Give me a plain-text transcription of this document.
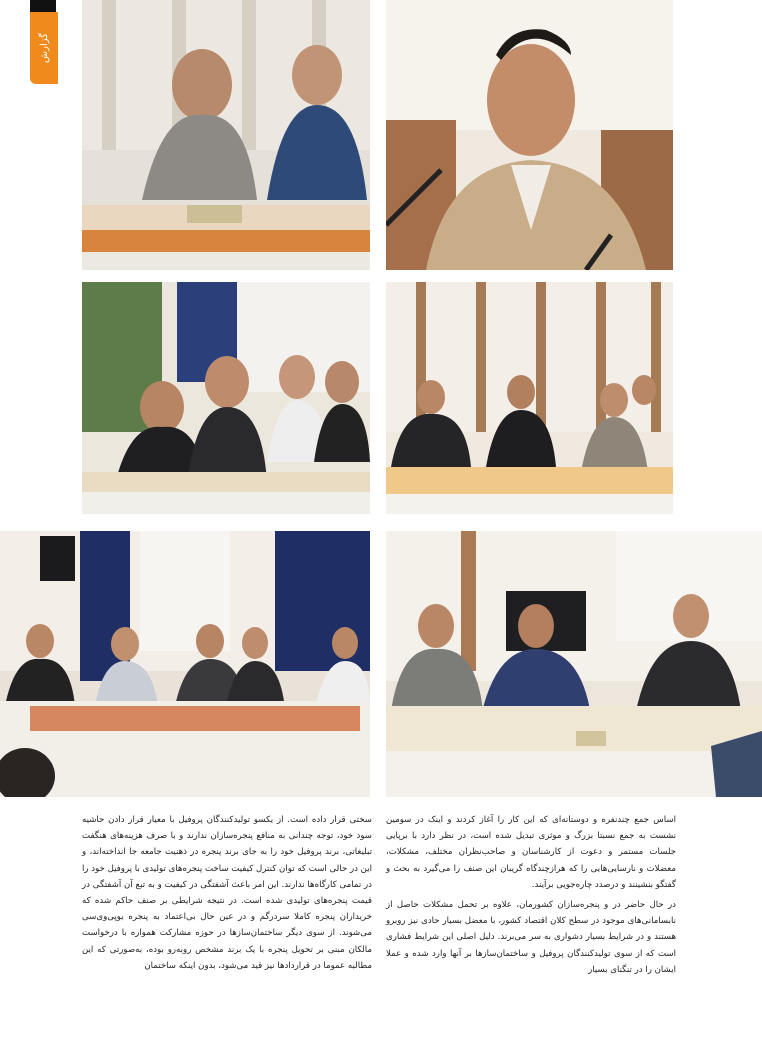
گزارش

اساس جمع چندنفره و دوستانه‌ای که این کار را آغاز کردند و اینک در سومین نشست به جمع نسبتا بزرگ و موثری تبدیل شده است، در نظر دارد با برپایی جلسات مستمر و دعوت از کارشناسان و صاحب‌نظران مختلف، مشکلات، معضلات و نارسایی‌هایی را که هرازچندگاه گریبان این صنف را می‌گیرد به بحث و گفتگو بنشینند و درصدد چاره‌جویی برآیند.

در حال حاضر در و پنجره‌سازان کشورمان، علاوه بر تحمل مشکلات حاصل از نابسامانی‌های موجود در سطح کلان اقتصاد کشور، با معضل بسیار حادی نیز روبرو هستند و در شرایط بسیار دشواری به سر می‌برند. دلیل اصلی این شرایط فشاری است که از سوی تولیدکنندگان پروفیل و ساختمان‌سازها بر آنها وارد شده و عملا ایشان را در تنگنای بسیار

سختی قرار داده است. از یکسو تولیدکنندگان پروفیل با معیار قرار دادن حاشیه سود خود، توجه چندانی به منافع پنجره‌سازان ندارند و با صرف هزینه‌های هنگفت تبلیغاتی، برند پروفیل خود را به جای برند پنجره در ذهنیت جامعه جا انداخته‌اند، و این در حالی است که توان کنترل کیفیت ساخت پنجره‌های تولیدی با پروفیل خود را در تمامی کارگاه‌ها ندارند. این امر باعث آشفتگی در کیفیت و به تبع آن آشفتگی در قیمت پنجره‌های تولیدی شده است. در نتیجه شرایطی بر صنف حاکم شده که خریداران پنجره کاملا سردرگم و در عین حال بی‌اعتماد به پنجره یوپی‌وی‌سی می‌شوند. از سوی دیگر ساختمان‌سازها در حوزه مشارکت همواره با درخواست مالکان مبنی بر تحویل پنجره با یک برند مشخص روبه‌رو بوده، به‌صورتی که این مطالبه عموما در قراردادها نیز قید می‌شود، بدون اینکه ساختمان
